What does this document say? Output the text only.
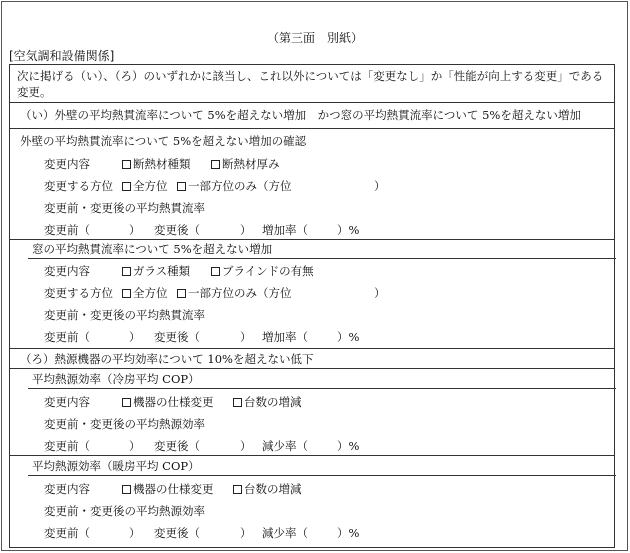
（第三面　別紙）
[空気調和設備関係]
次に掲げる（い）、（ろ）のいずれかに該当し、これ以外については「変更なし」か「性能が向上する変更」である変更。
（い）外壁の平均熱貫流率について 5%を超えない増加　かつ窓の平均熱貫流率について 5%を超えない増加
外壁の平均熱貫流率について 5%を超えない増加の確認
変更内容	断熱材種類	断熱材厚み
変更する方位	全方位	一部方位のみ（方位	）
変更前・変更後の平均熱貫流率
変更前（	） 変更後（	） 増加率（	）%
窓の平均熱貫流率について 5%を超えない増加
変更内容	ガラス種類	ブラインドの有無
変更する方位	全方位	一部方位のみ（方位	）
変更前・変更後の平均熱貫流率
変更前（	） 変更後（	） 増加率（	）%
（ろ）熱源機器の平均効率について 10%を超えない低下
平均熱源効率（冷房平均 COP）
変更内容	機器の仕様変更	台数の増減
変更前・変更後の平均熱源効率
変更前（	） 変更後（	） 減少率（	）%
平均熱源効率（暖房平均 COP）
変更内容	機器の仕様変更	台数の増減
変更前・変更後の平均熱源効率
変更前（	） 変更後（	） 減少率（	）%
